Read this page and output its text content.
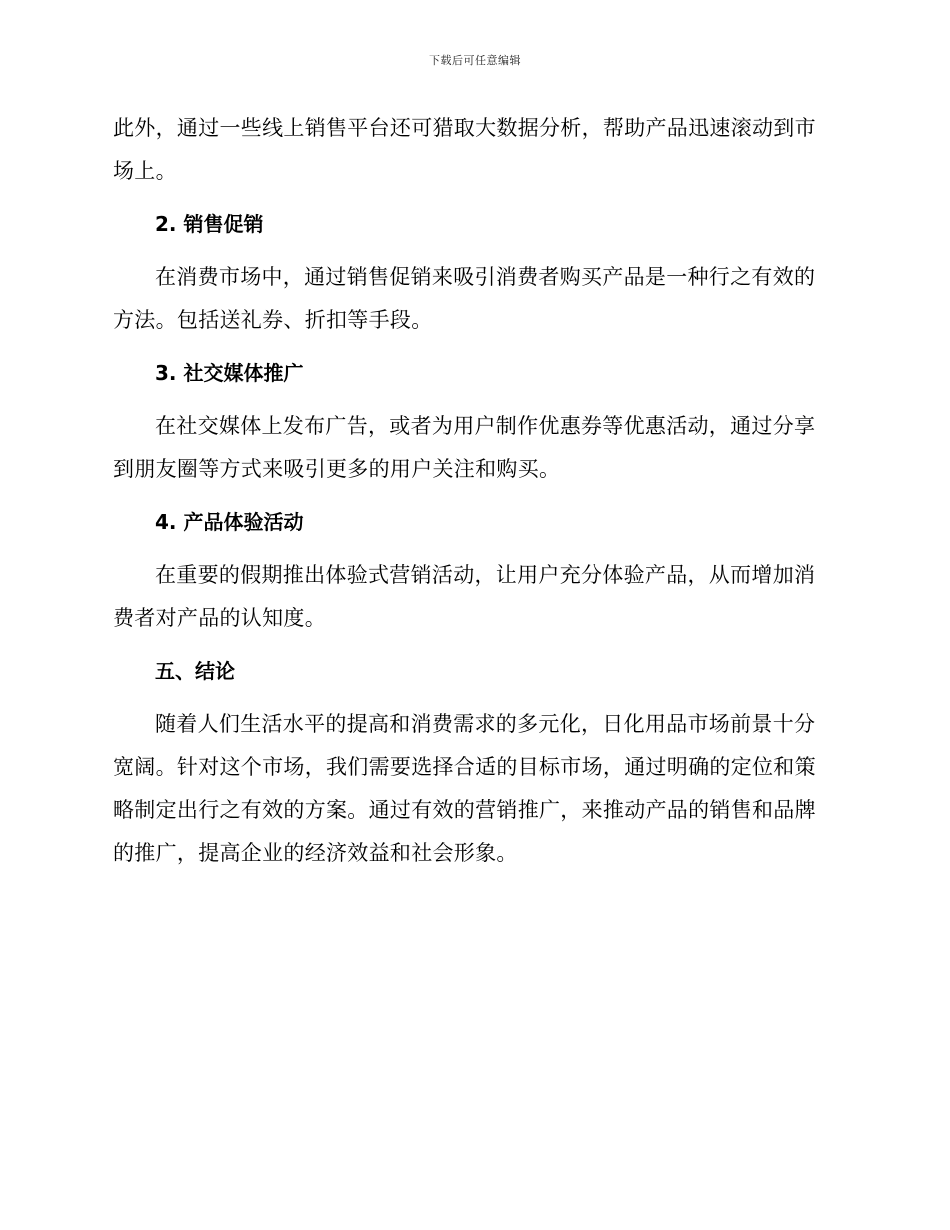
下载后可任意编辑

此外，通过一些线上销售平台还可猎取大数据分析，帮助产品迅速滚动到市场上。

2. 销售促销

在消费市场中，通过销售促销来吸引消费者购买产品是一种行之有效的方法。包括送礼券、折扣等手段。

3. 社交媒体推广

在社交媒体上发布广告，或者为用户制作优惠券等优惠活动，通过分享到朋友圈等方式来吸引更多的用户关注和购买。

4. 产品体验活动

在重要的假期推出体验式营销活动，让用户充分体验产品，从而增加消费者对产品的认知度。

五、结论

随着人们生活水平的提高和消费需求的多元化，日化用品市场前景十分宽阔。针对这个市场，我们需要选择合适的目标市场，通过明确的定位和策略制定出行之有效的方案。通过有效的营销推广，来推动产品的销售和品牌的推广，提高企业的经济效益和社会形象。
